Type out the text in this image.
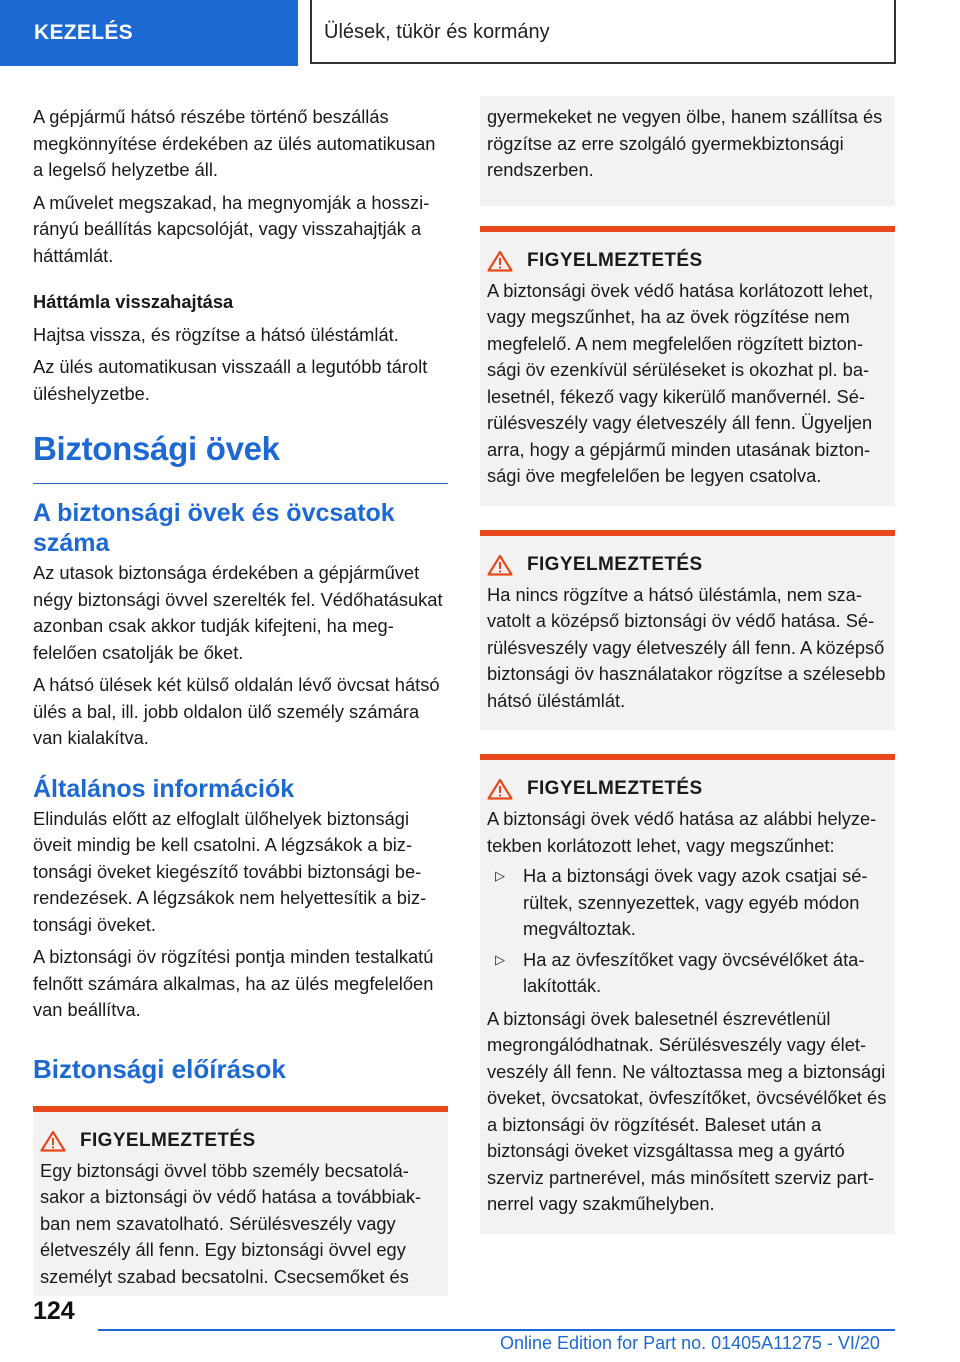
KEZELÉS	Ülések, tükör és kormány

A gépjármű hátsó részébe történő beszállás megkönnyítése érdekében az ülés automatikusan a legelső helyzetbe áll.

A művelet megszakad, ha megnyomják a hosszirányú beállítás kapcsolóját, vagy visszahajtják a háttámlát.

Háttámla visszahajtása

Hajtsa vissza, és rögzítse a hátsó üléstámlát.

Az ülés automatikusan visszaáll a legutóbb tárolt üléshelyzetbe.

Biztonsági övek
A biztonsági övek és övcsatok száma

Az utasok biztonsága érdekében a gépjárművet négy biztonsági övvel szerelték fel. Védőhatásukat azonban csak akkor tudják kifejteni, ha megfelelően csatolják be őket.

A hátsó ülések két külső oldalán lévő övcsat hátsó ülés a bal, ill. jobb oldalon ülő személy számára van kialakítva.

Általános információk

Elindulás előtt az elfoglalt ülőhelyek biztonsági öveit mindig be kell csatolni. A légzsákok a biztonsági öveket kiegészítő további biztonsági berendezések. A légzsákok nem helyettesítik a biztonsági öveket.

A biztonsági öv rögzítési pontja minden testalkatú felnőtt számára alkalmas, ha az ülés megfelelően van beállítva.

Biztonsági előírások
FIGYELMEZTETÉS

Egy biztonsági övvel több személy becsatolásakor a biztonsági öv védő hatása a továbbiakban nem szavatolható. Sérülésveszély vagy életveszély áll fenn. Egy biztonsági övvel egy személyt szabad becsatolni. Csecsemőket és

gyermekeket ne vegyen ölbe, hanem szállítsa és rögzítse az erre szolgáló gyermekbiztonsági rendszerben.

FIGYELMEZTETÉS

A biztonsági övek védő hatása korlátozott lehet, vagy megszűnhet, ha az övek rögzítése nem megfelelő. A nem megfelelően rögzített biztonsági öv ezenkívül sérüléseket is okozhat pl. balesetnél, fékező vagy kikerülő manővernél. Sérülésveszély vagy életveszély áll fenn. Ügyeljen arra, hogy a gépjármű minden utasának biztonsági öve megfelelően be legyen csatolva.

FIGYELMEZTETÉS

Ha nincs rögzítve a hátsó üléstámla, nem szavatolt a középső biztonsági öv védő hatása. Sérülésveszély vagy életveszély áll fenn. A középső biztonsági öv használatakor rögzítse a szélesebb hátsó üléstámlát.

FIGYELMEZTETÉS

A biztonsági övek védő hatása az alábbi helyzetekben korlátozott lehet, vagy megszűnhet:

▷ Ha a biztonsági övek vagy azok csatjai sérültek, szennyezettek, vagy egyéb módon megváltoztak.
▷ Ha az övfeszítőket vagy övcsévélőket átalakították.

A biztonsági övek balesetnél észrevétlenül megrongálódhatnak. Sérülésveszély vagy életveszély áll fenn. Ne változtassa meg a biztonsági öveket, övcsatokat, övfeszítőket, övcsévélőket és a biztonsági öv rögzítését. Baleset után a biztonsági öveket vizsgáltassa meg a gyártó szerviz partnerével, más minősített szerviz partnerrel vagy szakműhelyben.

124
Online Edition for Part no. 01405A11275 - VI/20
